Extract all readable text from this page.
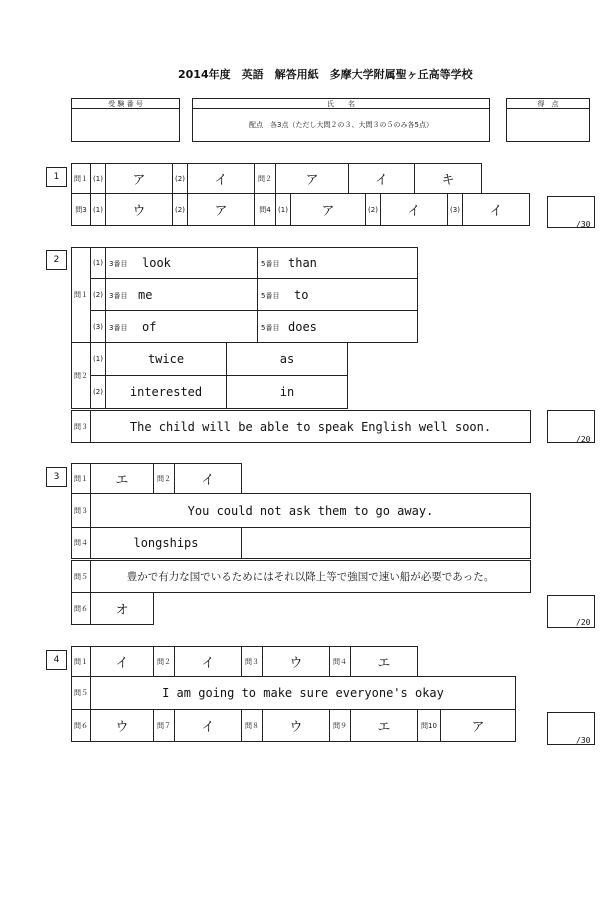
2014年度　英語　解答用紙　多摩大学附属聖ヶ丘高等学校
受 験 番 号	氏　　名
配点　各3点（ただし大問２の３、大問３の５のみ各5点）
得　点
1	問１ (1)	ア	(2)	イ	問２	ア	イ	キ
問3 (1)	ウ	(2)	ア	問4	(1)	ア	(2)	イ	(3)	イ
/30
2
問１
(1) 3番目 look	5番目 than
(2) 3番目 me	5番目 to
(3) 3番目 of	5番目 does
問２
(1)	twice	as
(2)	interested	in
問３	The child will be able to speak English well soon.
/20
3	問１	エ	問２	イ
問３	You could not ask them to go away.
問４	longships
問５	豊かで有力な国でいるためにはそれ以降上等で強国で速い船が必要であった。
問６	オ
/20
4	問１	イ	問２	イ	問３	ウ	問４	エ
問５	I am going to make sure everyone's okay
問６	ウ	問７	イ	問８	ウ	問９	エ	問10	ア
/30
